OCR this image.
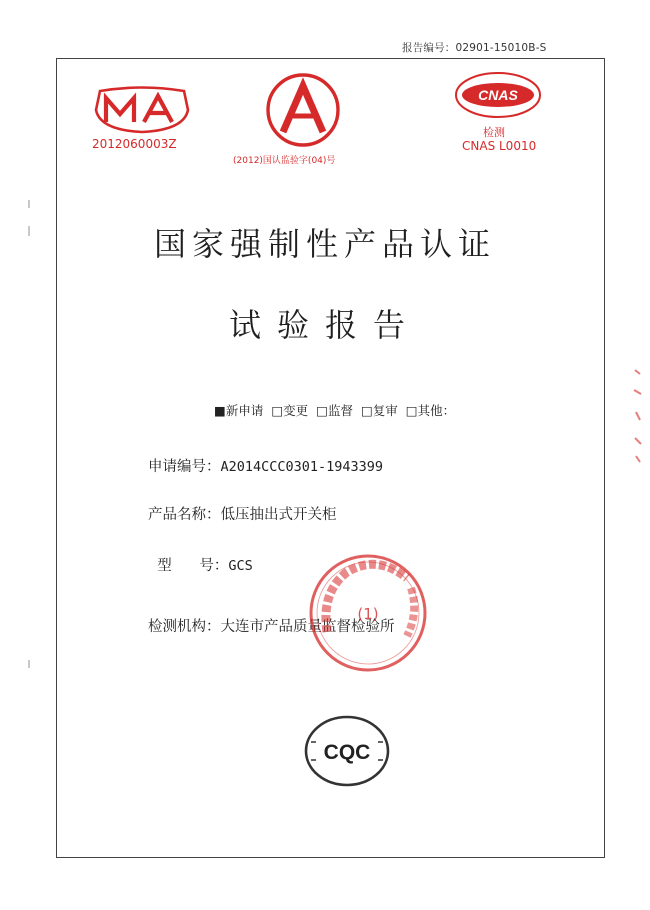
报告编号：02901-15010B-S
2012060003Z
(2012)国认监验字(04)号
CNAS
检测
CNAS L0010
国家强制性产品认证
试验报告
■新申请 □变更 □监督 □复审 □其他：
申请编号：A2014CCC0301-1943399
产品名称：低压抽出式开关柜

型      号：GCS

检测机构：大连市产品质量监督检验所
(1)
CQC
